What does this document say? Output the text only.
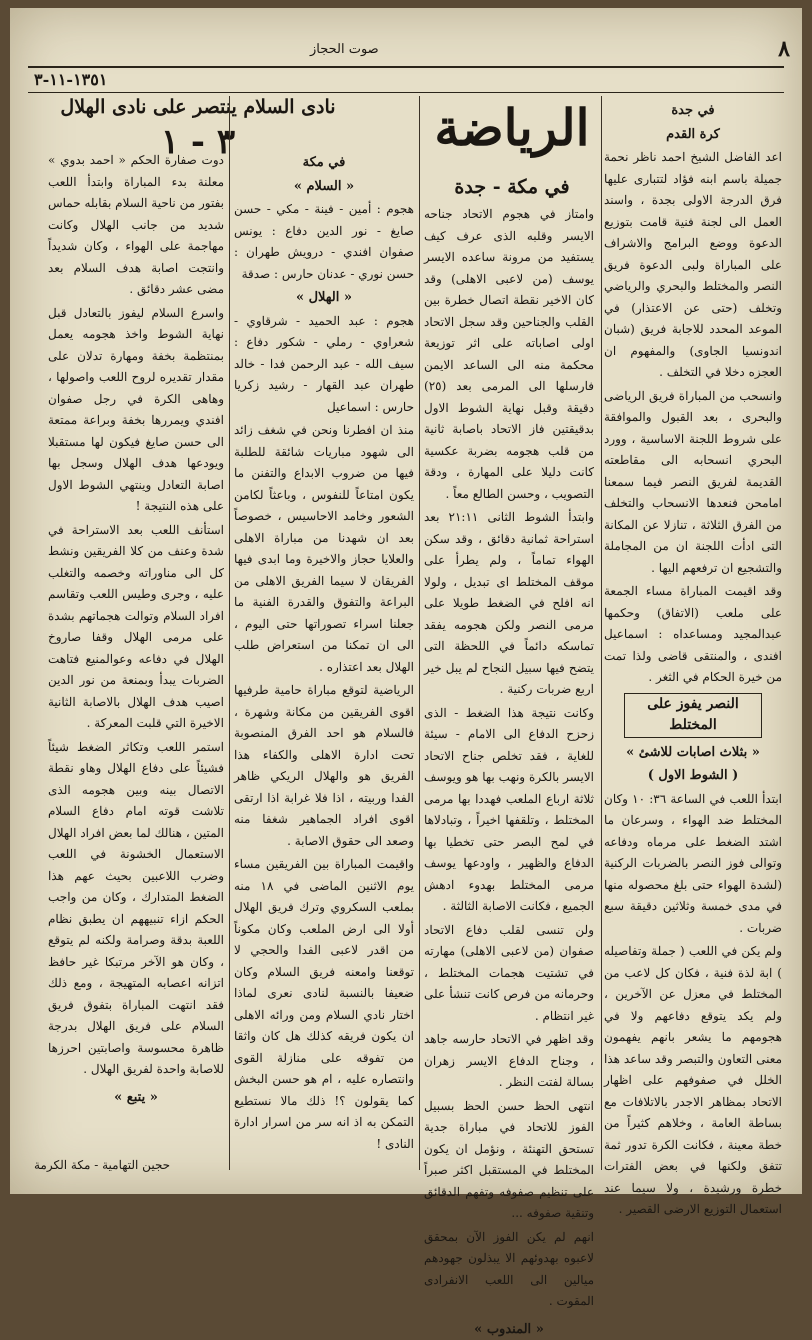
٨
صوت الحجاز
١٣٥١-١١-٣
الرياضة
في مكة - جدة
في جدة
كرة القدم

اعد الفاضل الشيخ احمد ناظر نحمة جميلة باسم ابنه فؤاد لتتبارى عليها فرق الدرجة الاولى بجدة ، واسند العمل الى لجنة فنية قامت بتوزيع الدعوة ووضع البرامج والاشراف على المباراة ولبى الدعوة فريق النصر والمختلط والبحري والرياضي وتخلف (حتى عن الاعتذار) في الموعد المحدد للاجابة فريق (شبان اندونسيا الجاوى) والمفهوم ان العجزه دخلا في التخلف .

وانسحب من المباراة فريق الرياضى والبحرى ، بعد القبول والموافقة على شروط اللجنة الاساسية ، وورد البحري انسحابه الى مقاطعته القديمة لفريق النصر فيما سمعنا امامحن فنعدها الانسحاب والتخلف من الفرق الثلاثة ، تنازلا عن المكانة التى ادأت اللجنة ان من المجاملة والتشجيع ان ترفعهم اليها .

وقد اقيمت المباراة مساء الجمعة على ملعب (الاتفاق) وحكمها عبدالمجيد ومساعداه : اسماعيل افندى ، والمنتقى قاضى ولذا تمت من خيرة الحكام في الثغر .

النصر يفوز على المختلط
« بثلاث اصابات للاشئ »
( الشوط الاول )

ابتدأ اللعب في الساعة ٣٦: ١٠ وكان المختلط ضد الهواء ، وسرعان ما اشتد الضغط على مرماه ودفاعه وتوالى فوز النصر بالضربات الركنية (لشدة الهواء حتى بلغ محصوله منها في مدى خمسة وثلاثين دقيقة سبع ضربات .

ولم يكن في اللعب ( جملة وتفاصيله ) ابة لذة فنية ، فكان كل لاعب من المختلط في معزل عن الآخرين ، ولم يكد يتوقع دفاعهم ولا في هجومهم ما يشعر بانهم يفهمون معنى التعاون والتبصر وقد ساعد هذا الخلل في صفوفهم على اظهار الاتحاد بمظاهر الاجدر بالاتلافات مع بساطة العامة ، وخلاهم كثيراً من خطة معينة ، فكانت الكرة تدور ثمة تتفق ولكنها في بعض الفترات خطرة ورشيدة ، ولا سيما عند استعمال التوزيع الارضى القصير .

وامتاز في هجوم الاتحاد جناحه الايسر وقلبه الذى عرف كيف يستفيد من مرونة ساعده الايسر يوسف (من لاعبى الاهلى) وقد كان الاخير نقطة اتصال خطرة بين القلب والجناحين وقد سجل الاتحاد اولى اصاباته على اثر توزيعة محكمة منه الى الساعد الايمن فارسلها الى المرمى بعد (٢٥) دقيقة وقبل نهاية الشوط الاول بدقيقتين فاز الاتحاد باصابة ثانية من قلب هجومه بضربة عكسية كانت دليلا على المهارة ، ودقة التصويب ، وحسن الطالع معاً .

وابتدأ الشوط الثانى ٢١:١١ بعد استراحة ثمانية دقائق ، وقد سكن الهواء تماماً ، ولم يطرأ على موقف المختلط اى تبديل ، ولولا انه افلح في الضغط طويلا على مرمى النصر ولكن هجومه يفقد تماسكه دائماً في اللحظة التى يتضح فيها سبيل النجاح لم يبل خير اربع ضربات ركنية .

وكانت نتيجة هذا الضغط - الذى زحزح الدفاع الى الامام - سيئة للغاية ، فقد تخلص جناح الاتحاد الايسر بالكرة ونهب بها هو ويوسف ثلاثة ارباع الملعب فهددا بها مرمى المختلط ، وتلقفها اخيراً ، وتبادلاها في لمح البصر حتى تخطيا بها الدفاع والظهير ، واودعها يوسف مرمى المختلط بهدوء ادهش الجميع ، فكانت الاصابة الثالثة .

ولن تنسى لقلب دفاع الاتحاد صفوان (من لاعبى الاهلى) مهارته في تشتيت هجمات المختلط ، وحرمانه من فرص كانت تنشأ على غير انتظام .

وقد اظهر في الاتحاد حارسه جاهد ، وجناح الدفاع الايسر زهران بسالة لفتت النظر .

انتهى الحظ حسن الحظ بسبيل الفوز للاتحاد في مباراة جدية تستحق التهنئة ، ونؤمل ان يكون المختلط في المستقبل اكثر صبراً على تنظيم صفوفه وتفهم الدقائق وتنقية صفوفه ...

انهم لم يكن الفوز الآن بمحقق لاعبوه بهدوئهم الا يبذلون جهودهم ميالين الى اللعب الانفرادى المقوت .

« المندوب »
نادى السلام ينتصر على نادى الهلال
٣ - ١
في مكة
« السلام »

هجوم : أمين - فينة - مكي - حسن صايغ - نور الدين دفاع : يونس صفوان افندي - درويش طهران : حسن نوري - عدنان حارس : صدقة

« الهلال »

هجوم : عبد الحميد - شرقاوي - شعراوي - رملي - شكور دفاع : سيف الله - عبد الرحمن فدا - خالد طهران عبد القهار - رشيد زكريا حارس : اسماعيل

منذ ان افطرنا ونحن في شغف زائد الى شهود مباريات شائقة للطلبة فيها من ضروب الابداع والتفنن ما يكون امتاعاً للنفوس ، وباعثاً لكامن الشعور وخامد الاحاسيس ، خصوصاً بعد ان شهدنا من مباراة الاهلى والعلايا حجاز والاخيرة وما ابدى فيها الفريقان لا سيما الفريق الاهلى من البراعة والتفوق والقدرة الفنية ما جعلنا اسراء تصوراتها حتى اليوم ، الى ان تمكنا من استعراض طلب الهلال بعد اعتذاره .

الرياضية لتوقع مباراة حامية طرفيها اقوى الفريقين من مكانة وشهرة ، فالسلام هو احد الفرق المنصوبة تحت ادارة الاهلى والكفاء هذا الفريق هو والهلال الريكي ظاهر الفدا وربيته ، اذا فلا غرابة اذا ارتقى اقوى افراد الجماهير شغفا منه وصعد الى حقوق الاصابة .

واقيمت المباراة بين الفريقين مساء يوم الاثنين الماضى في ١٨ منه بملعب السكروي وترك فريق الهلال أولا الى ارض الملعب وكان مكوناً من اقدر لاعبى الفدا والحجي لا توقعنا وامعنه فريق السلام وكان ضعيفا بالنسبة لنادى نعرى لماذا اختار نادي السلام ومن ورائه الاهلى ان يكون فريقه كذلك هل كان واثقا من تفوقه على منازلة القوى وانتصاره عليه ، ام هو حسن البخش كما يقولون ؟! ذلك مالا نستطيع التمكن به اذ انه سر من اسرار ادارة النادى !

دوت صفارة الحكم « احمد بدوي » معلنة بدء المباراة وابتدأ اللعب بفتور من ناحية السلام بقابله حماس شديد من جانب الهلال وكانت مهاجمة على الهواء ، وكان شديداً وانتجت اصابة هدف السلام بعد مضى عشر دقائق .

واسرع السلام ليفوز بالتعادل قبل نهاية الشوط واخذ هجومه يعمل بمنتظمة بخفة ومهارة تدلان على مقدار تقديره لروح اللعب واصولها ، وهاهى الكرة في رجل صفوان افندي ويمررها بخفة وبراعة ممتعة الى حسن صايغ فيكون لها مستقبلا ويودعها هدف الهلال وسجل بها اصابة التعادل وينتهي الشوط الاول على هذه النتيجة !

استأنف اللعب بعد الاستراحة في شدة وعنف من كلا الفريقين ونشط كل الى مناوراته وخصمه والتغلب عليه ، وجرى وطيس اللعب وتقاسم افراد السلام وتوالت هجماتهم بشدة على مرمى الهلال وقفا صاروخ الهلال في دفاعه وعوالمنيع فتاهت الضربات يبدأ وبمنعة من نور الدين اصيب هدف الهلال بالاصابة الثانية الاخيرة التي قلبت المعركة .

استمر اللعب وتكاثر الضغط شيئاً فشيئاً على دفاع الهلال وهاو نقطة الاتصال بينه وبين هجومه الذى تلاشت قوته امام دفاع السلام المتين ، هنالك لما بعض افراد الهلال الاستعمال الخشونة في اللعب وضرب اللاعبين بحيث عهم هذا الضغط المتدارك ، وكان من واجب الحكم ازاء تنبيههم ان يطبق نظام اللعبة بدقة وصرامة ولكنه لم يتوقع ، وكان هو الآخر مرتبكا غير حافظ اتزانه اعصابه المتهيجة ، ومع ذلك فقد انتهت المباراة بتفوق فريق السلام على فريق الهلال بدرجة ظاهرة محسوسة واصابتين احرزها للاصابة واحدة لفريق الهلال .

« يتبع »
حجين التهامية - مكة الكرمة
